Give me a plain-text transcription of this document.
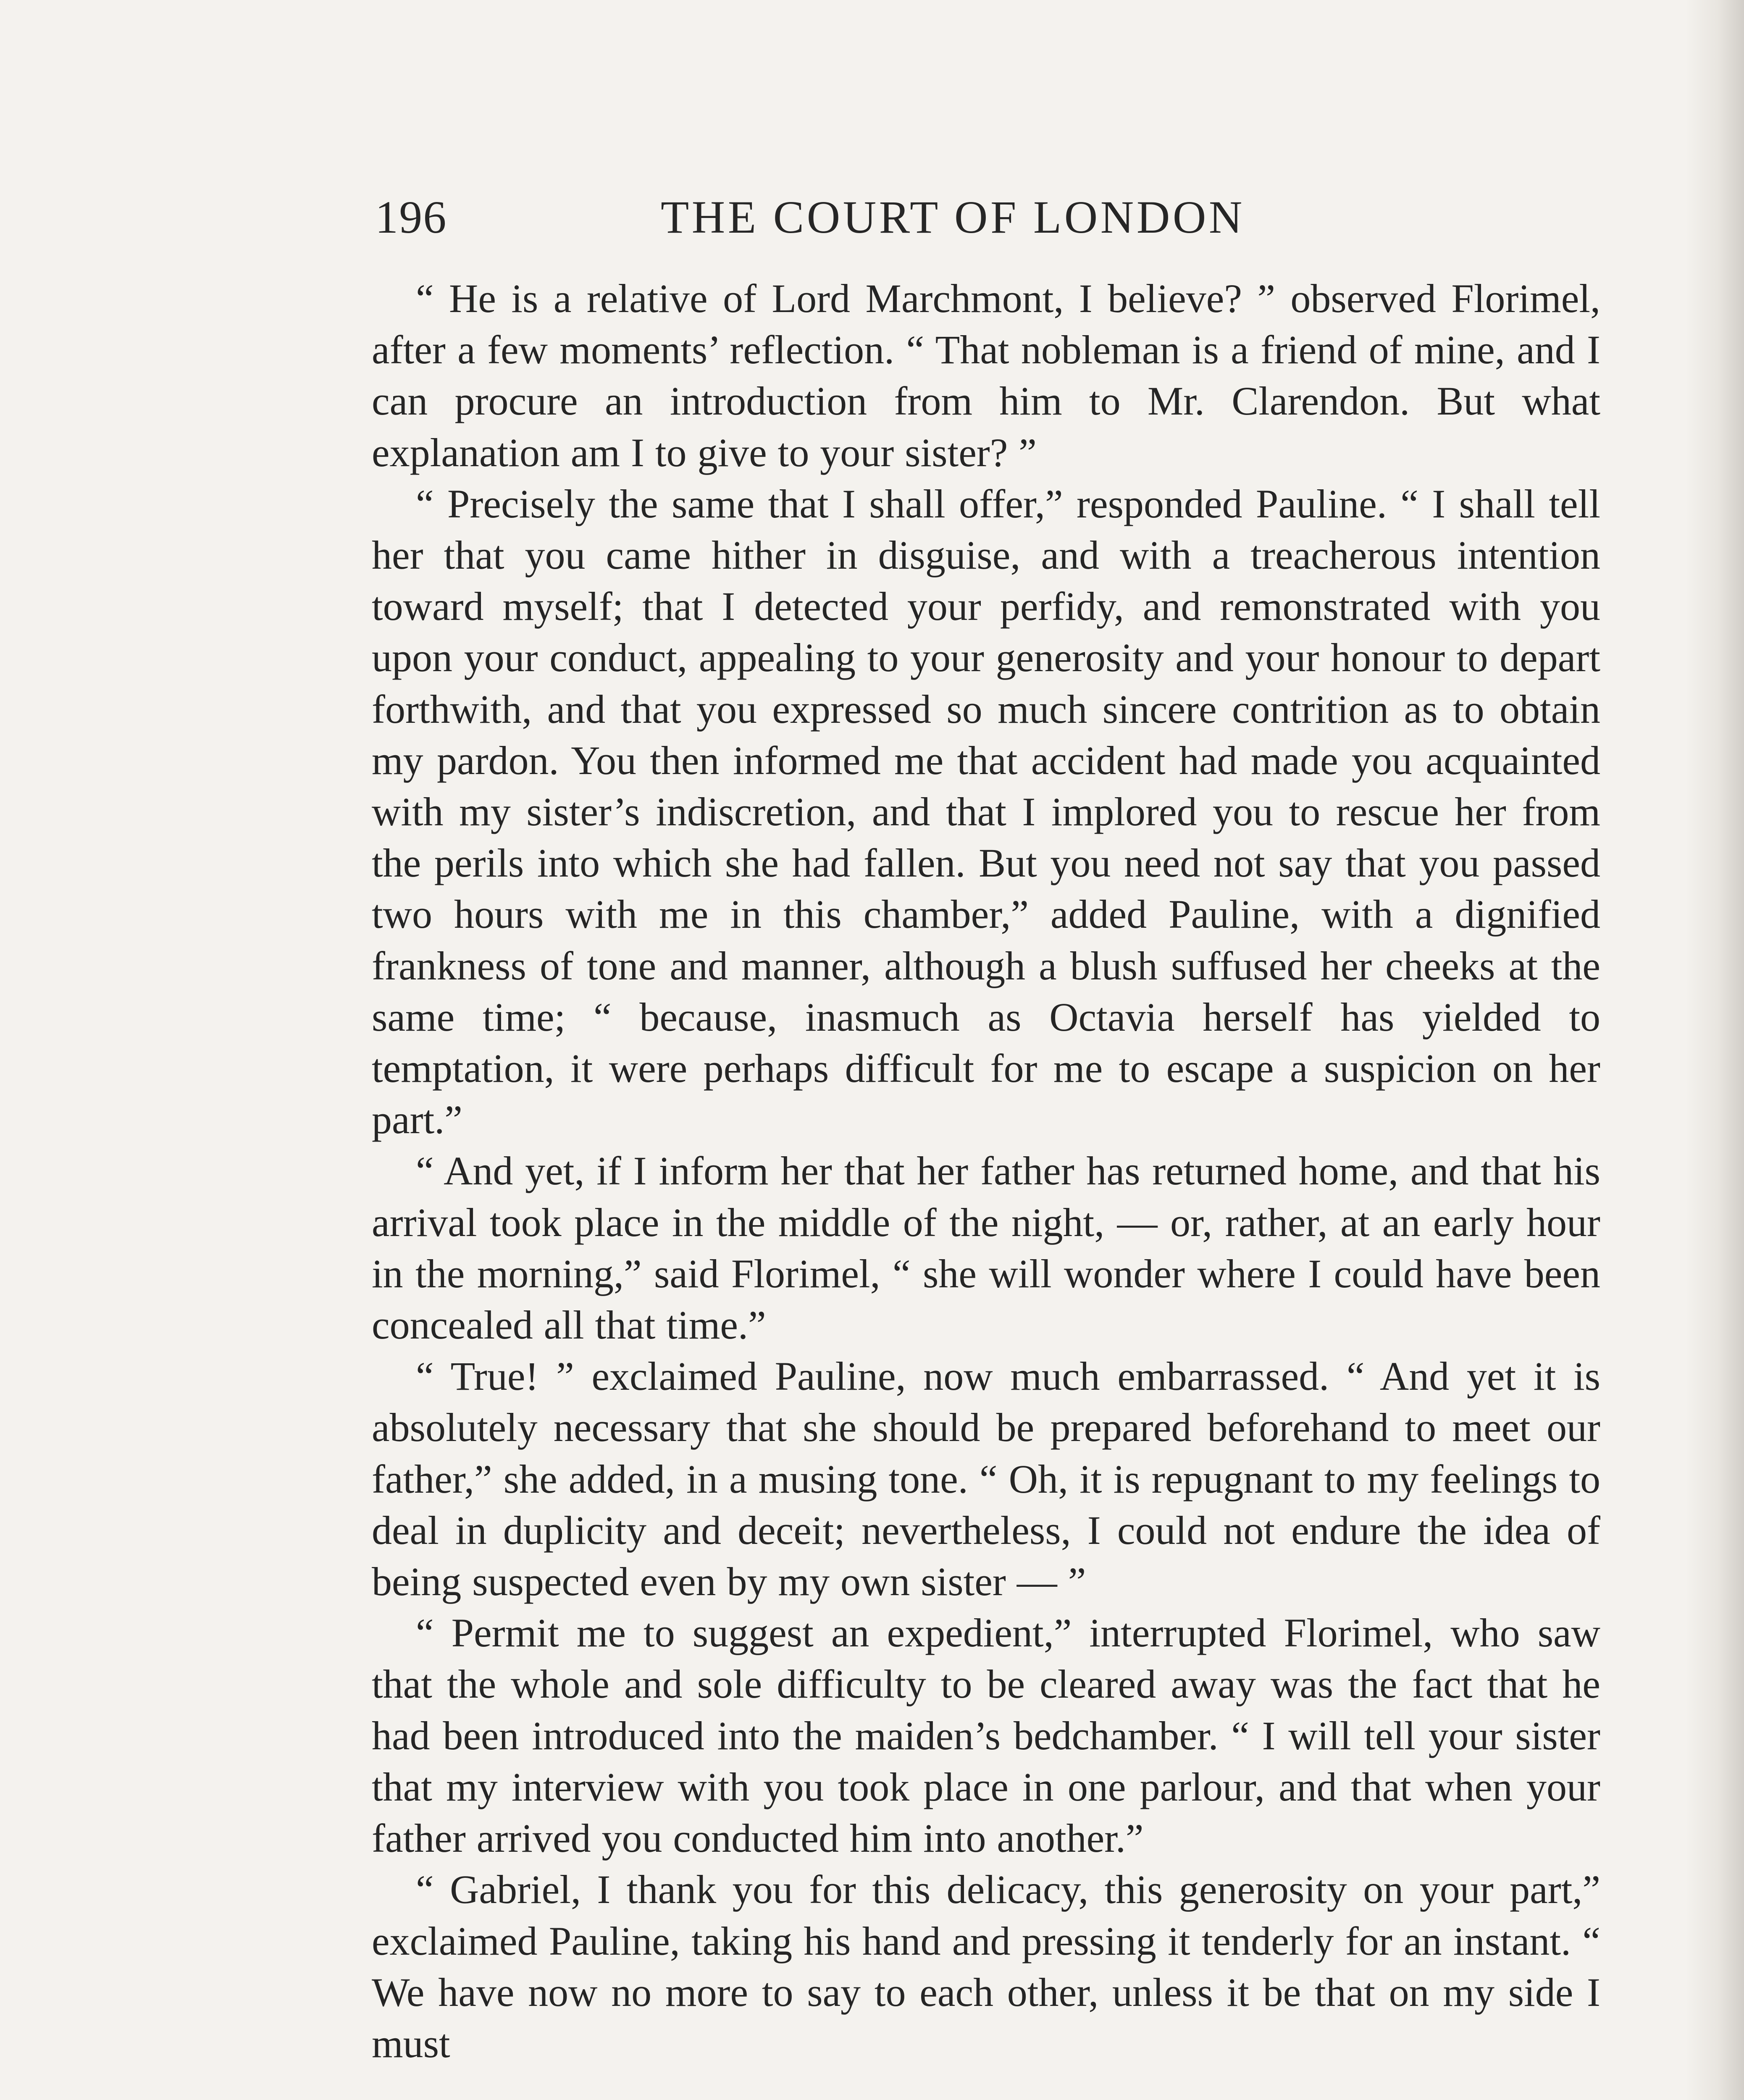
196	THE COURT OF LONDON

“ He is a relative of Lord Marchmont, I believe? ” observed Florimel, after a few moments’ reflection. “ That nobleman is a friend of mine, and I can procure an introduction from him to Mr. Clarendon. But what explanation am I to give to your sister? ”

“ Precisely the same that I shall offer,” responded Pauline. “ I shall tell her that you came hither in disguise, and with a treacherous intention toward myself; that I detected your perfidy, and remonstrated with you upon your conduct, appealing to your generosity and your honour to depart forthwith, and that you expressed so much sincere contrition as to obtain my pardon. You then informed me that accident had made you acquainted with my sister’s indiscretion, and that I implored you to rescue her from the perils into which she had fallen. But you need not say that you passed two hours with me in this chamber,” added Pauline, with a dignified frankness of tone and manner, although a blush suffused her cheeks at the same time; “ because, inasmuch as Octavia herself has yielded to temptation, it were perhaps difficult for me to escape a suspicion on her part.”

“ And yet, if I inform her that her father has returned home, and that his arrival took place in the middle of the night, — or, rather, at an early hour in the morning,” said Florimel, “ she will wonder where I could have been concealed all that time.”

“ True! ” exclaimed Pauline, now much embarrassed. “ And yet it is absolutely necessary that she should be prepared beforehand to meet our father,” she added, in a musing tone. “ Oh, it is repugnant to my feelings to deal in duplicity and deceit; nevertheless, I could not endure the idea of being suspected even by my own sister — ”

“ Permit me to suggest an expedient,” interrupted Florimel, who saw that the whole and sole difficulty to be cleared away was the fact that he had been introduced into the maiden’s bedchamber. “ I will tell your sister that my interview with you took place in one parlour, and that when your father arrived you conducted him into another.”

“ Gabriel, I thank you for this delicacy, this generosity on your part,” exclaimed Pauline, taking his hand and pressing it tenderly for an instant. “ We have now no more to say to each other, unless it be that on my side I must
